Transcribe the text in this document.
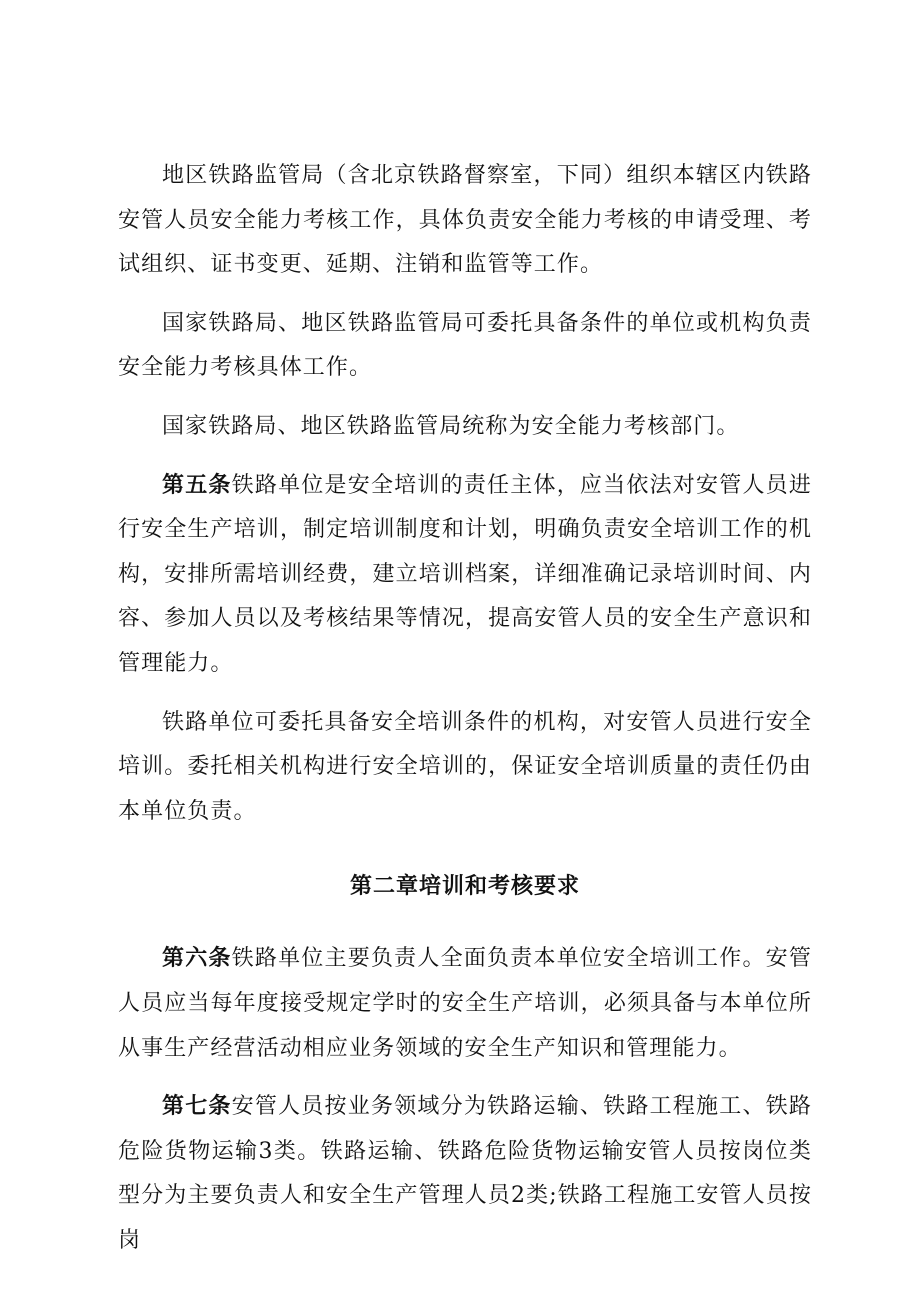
地区铁路监管局（含北京铁路督察室，下同）组织本辖区内铁路安管人员安全能力考核工作，具体负责安全能力考核的申请受理、考试组织、证书变更、延期、注销和监管等工作。

国家铁路局、地区铁路监管局可委托具备条件的单位或机构负责安全能力考核具体工作。

国家铁路局、地区铁路监管局统称为安全能力考核部门。

第五条铁路单位是安全培训的责任主体，应当依法对安管人员进行安全生产培训，制定培训制度和计划，明确负责安全培训工作的机构，安排所需培训经费，建立培训档案，详细准确记录培训时间、内容、参加人员以及考核结果等情况，提高安管人员的安全生产意识和管理能力。

铁路单位可委托具备安全培训条件的机构，对安管人员进行安全培训。委托相关机构进行安全培训的，保证安全培训质量的责任仍由本单位负责。

第二章培训和考核要求

第六条铁路单位主要负责人全面负责本单位安全培训工作。安管人员应当每年度接受规定学时的安全生产培训，必须具备与本单位所从事生产经营活动相应业务领域的安全生产知识和管理能力。

第七条安管人员按业务领域分为铁路运输、铁路工程施工、铁路危险货物运输3类。铁路运输、铁路危险货物运输安管人员按岗位类型分为主要负责人和安全生产管理人员2类;铁路工程施工安管人员按岗
